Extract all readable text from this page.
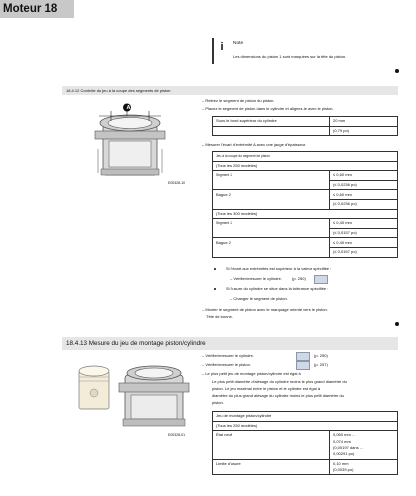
Moteur 18
i	Note
Les dimensions du piston 1 sont marquées sur la tête du piston.
18.4.12 Contrôle du jeu à la coupe des segments de piston
A
E00328-10
– Retirez le segment de piston du piston.
– Placez le segment de piston dans le cylindre et alignez-le avec le piston.
Sous le bord supérieur du cylindre	20 mm
	(0,79 po)
– Mesurer l'écart d'extrémité A avec une jauge d'épaisseur.
Jeu à la coupe du segment de piston	
(Tous les 250 modèles)	
Segment 1	≤ 0,60 mm
	(≤ 0,0236 po)
Bague 2	≤ 0,60 mm
	(≤ 0,0236 po)
(Tous les 300 modèles)	
Segment 1	≤ 0,40 mm
	(≤ 0,0157 po)
Bague 2	≤ 0,40 mm
	(≤ 0,0157 po)
Si l'écart aux extrémités est supérieur à la valeur spécifiée :
– Vérifier/mesurer le cylindre. (p. 250)
Si l'usure du cylindre se situe dans la tolérance spécifiée :
– Changer le segment de piston.
– Monter le segment de piston avec le marquage orienté vers le piston.
Tête de bonne.
18.4.13 Mesure du jeu de montage piston/cylindre
E00328-01
– Vérifier/mesurer le cylindre.	(p. 250)
– Vérifier/mesurer le piston.	(p. 257)
– Le plus petit jeu de montage piston/cylindre est égal à
Le plus petit diamètre d'alésage du cylindre moins le plus grand diamètre du
piston. Le jeu maximal entre le piston et le cylindre est égal à
diamètre du plus grand alésage du cylindre moins le plus petit diamètre du
piston.
Jeu de montage piston/cylindre	
(Tous les 250 modèles)	
État neuf	0,050 mm ...
0,074 mm
(0,00197 dans ...
0,00291 po)

Limite d'usure	0,10 mm
(0,0039 po)
